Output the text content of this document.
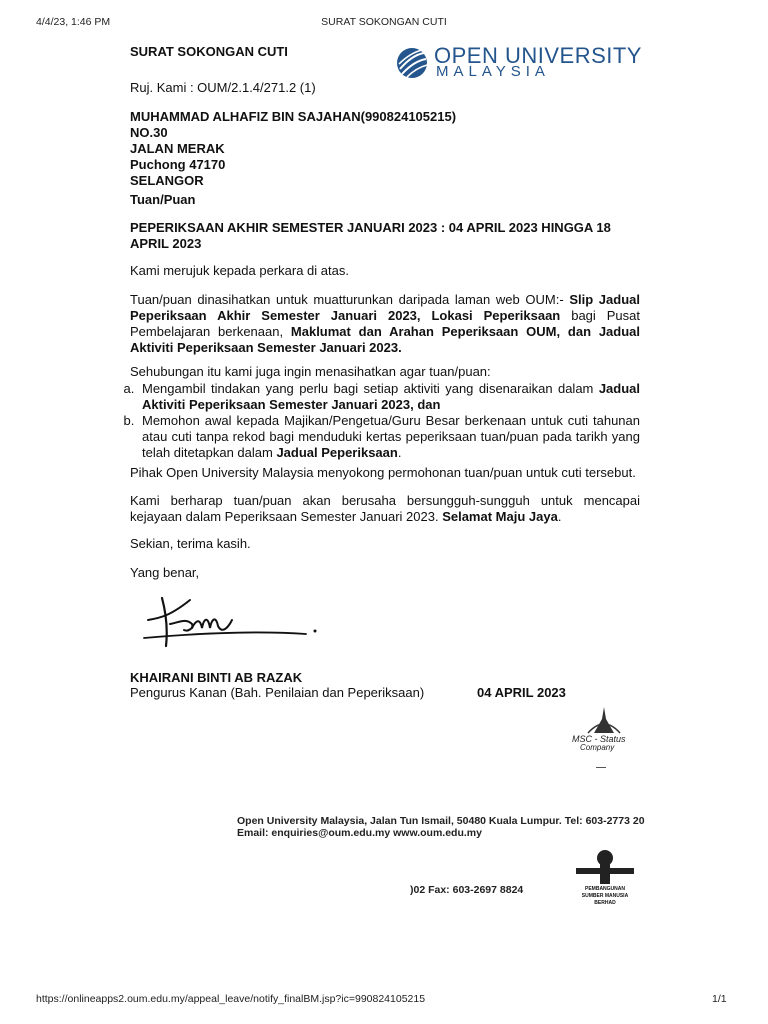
4/4/23, 1:46 PM	SURAT SOKONGAN CUTI
SURAT SOKONGAN CUTI	OPEN UNIVERSITY
MALAYSIA
Ruj. Kami : OUM/2.1.4/271.2 (1)
MUHAMMAD ALHAFIZ BIN SAJAHAN(990824105215)
NO.30
JALAN MERAK
Puchong 47170
SELANGOR
Tuan/Puan
PEPERIKSAAN AKHIR SEMESTER JANUARI 2023 : 04 APRIL 2023 HINGGA 18 APRIL 2023
Kami merujuk kepada perkara di atas.
Tuan/puan dinasihatkan untuk muatturunkan daripada laman web OUM:- Slip Jadual Peperiksaan Akhir Semester Januari 2023, Lokasi Peperiksaan bagi Pusat Pembelajaran berkenaan, Maklumat dan Arahan Peperiksaan OUM, dan Jadual Aktiviti Peperiksaan Semester Januari 2023.
Sehubungan itu kami juga ingin menasihatkan agar tuan/puan:
a. Mengambil tindakan yang perlu bagi setiap aktiviti yang disenaraikan dalam Jadual Aktiviti Peperiksaan Semester Januari 2023, dan
b. Memohon awal kepada Majikan/Pengetua/Guru Besar berkenaan untuk cuti tahunan atau cuti tanpa rekod bagi menduduki kertas peperiksaan tuan/puan pada tarikh yang telah ditetapkan dalam Jadual Peperiksaan.
Pihak Open University Malaysia menyokong permohonan tuan/puan untuk cuti tersebut.
Kami berharap tuan/puan akan berusaha bersungguh-sungguh untuk mencapai kejayaan dalam Peperiksaan Semester Januari 2023. Selamat Maju Jaya.
Sekian, terima kasih.
Yang benar,
KHAIRANI BINTI AB RAZAK
Pengurus Kanan (Bah. Penilaian dan Peperiksaan)	04 APRIL 2023
MSC - Status
Company
Open University Malaysia, Jalan Tun Ismail, 50480 Kuala Lumpur. Tel: 603-2773 20
Email: enquiries@oum.edu.my www.oum.edu.my
)02 Fax: 603-2697 8824	PEMBANGUNAN
SUMBER MANUSIA
BERHAD
https://onlineapps2.oum.edu.my/appeal_leave/notify_finalBM.jsp?ic=990824105215	1/1
